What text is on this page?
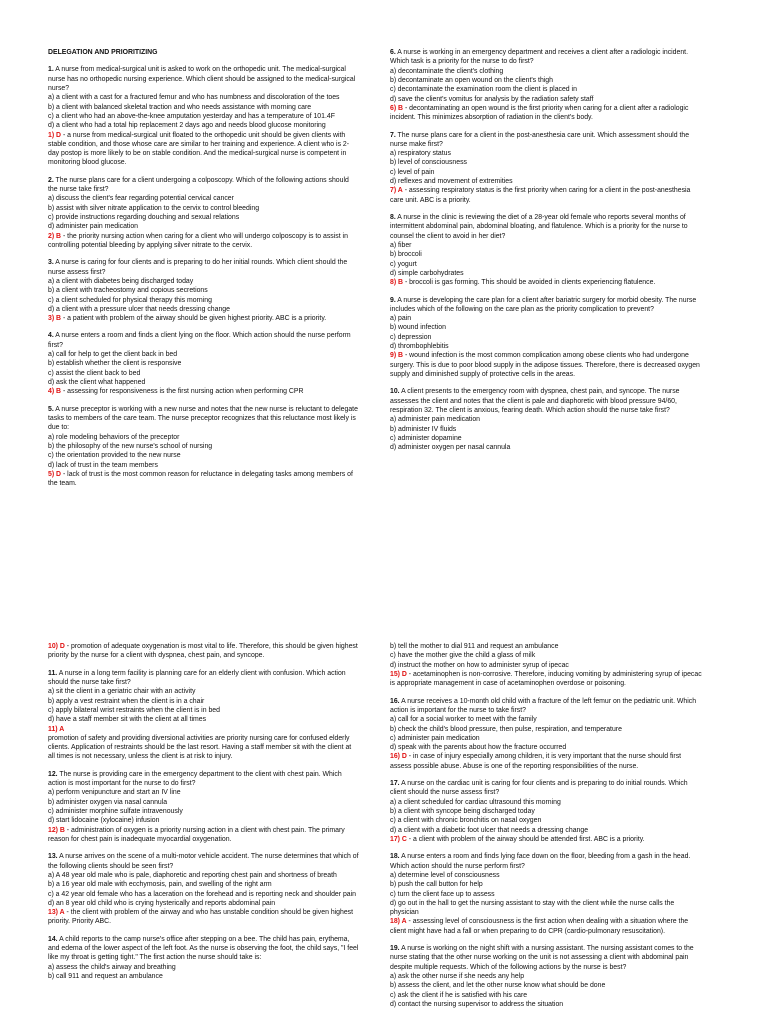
DELEGATION AND PRIORITIZING

1. A nurse from medical-surgical unit is asked to work on the orthopedic unit. The medical-surgical nurse has no orthopedic nursing experience. Which client should be assigned to the medical-surgical nurse?

a) a client with a cast for a fractured femur and who has numbness and discoloration of the toes

b) a client with balanced skeletal traction and who needs assistance with morning care

c) a client who had an above-the-knee amputation yesterday and has a temperature of 101.4F

d) a client who had a total hip replacement 2 days ago and needs blood glucose monitoring

1) D - a nurse from medical-surgical unit floated to the orthopedic unit should be given clients with stable condition, and those whose care are similar to her training and experience. A client who is 2-day postop is more likely to be on stable condition. And the medical-surgical nurse is competent in monitoring blood glucose.

2. The nurse plans care for a client undergoing a colposcopy. Which of the following actions should the nurse take first?

a) discuss the client's fear regarding potential cervical cancer

b) assist with silver nitrate application to the cervix to control bleeding

c) provide instructions regarding douching and sexual relations

d) administer pain medication

2) B - the priority nursing action when caring for a client who will undergo colposcopy is to assist in controlling potential bleeding by applying silver nitrate to the cervix.

3. A nurse is caring for four clients and is preparing to do her initial rounds. Which client should the nurse assess first?

a) a client with diabetes being discharged today

b) a client with tracheostomy and copious secretions

c) a client scheduled for physical therapy this morning

d) a client with a pressure ulcer that needs dressing change

3) B - a patient with problem of the airway should be given highest priority. ABC is a priority.

4. A nurse enters a room and finds a client lying on the floor. Which action should the nurse perform first?

a) call for help to get the client back in bed

b) establish whether the client is responsive

c) assist the client back to bed

d) ask the client what happened

4) B - assessing for responsiveness is the first nursing action when performing CPR

5. A nurse preceptor is working with a new nurse and notes that the new nurse is reluctant to delegate tasks to members of the care team. The nurse preceptor recognizes that this reluctance most likely is due to:

a) role modeling behaviors of the preceptor

b) the philosophy of the new nurse's school of nursing

c) the orientation provided to the new nurse

d) lack of trust in the team members

5) D - lack of trust is the most common reason for reluctance in delegating tasks among members of the team.

6. A nurse is working in an emergency department and receives a client after a radiologic incident. Which task is a priority for the nurse to do first?

a) decontaminate the client's clothing

b) decontaminate an open wound on the client's thigh

c) decontaminate the examination room the client is placed in

d) save the client's vomitus for analysis by the radiation safety staff

6) B - decontaminating an open wound is the first priority when caring for a client after a radiologic incident. This minimizes absorption of radiation in the client's body.

7. The nurse plans care for a client in the post-anesthesia care unit. Which assessment should the nurse make first?

a) respiratory status

b) level of consciousness

c) level of pain

d) reflexes and movement of extremities

7) A - assessing respiratory status is the first priority when caring for a client in the post-anesthesia care unit. ABC is a priority.

8. A nurse in the clinic is reviewing the diet of a 28-year old female who reports several months of intermittent abdominal pain, abdominal bloating, and flatulence. Which is a priority for the nurse to counsel the client to avoid in her diet?

a) fiber

b) broccoli

c) yogurt

d) simple carbohydrates

8) B - broccoli is gas forming. This should be avoided in clients experiencing flatulence.

9. A nurse is developing the care plan for a client after bariatric surgery for morbid obesity. The nurse includes which of the following on the care plan as the priority complication to prevent?

a) pain

b) wound infection

c) depression

d) thrombophlebitis

9) B - wound infection is the most common complication among obese clients who had undergone surgery. This is due to poor blood supply in the adipose tissues. Therefore, there is decreased oxygen supply and diminished supply of protective cells in the areas.

10. A client presents to the emergency room with dyspnea, chest pain, and syncope. The nurse assesses the client and notes that the client is pale and diaphoretic with blood pressure 94/60, respiration 32. The client is anxious, fearing death. Which action should the nurse take first?

a) administer pain medication

b) administer IV fluids

c) administer dopamine

d) administer oxygen per nasal cannula

10) D - promotion of adequate oxygenation is most vital to life. Therefore, this should be given highest priority by the nurse for a client with dyspnea, chest pain, and syncope.

11. A nurse in a long term facility is planning care for an elderly client with confusion. Which action should the nurse take first?

a) sit the client in a geriatric chair with an activity

b) apply a vest restraint when the client is in a chair

c) apply bilateral wrist restraints when the client is in bed

d) have a staff member sit with the client at all times

11) A

promotion of safety and providing diversional activities are priority nursing care for confused elderly clients. Application of restraints should be the last resort. Having a staff member sit with the client at all times is not necessary, unless the client is at risk to injury.

12. The nurse is providing care in the emergency department to the client with chest pain. Which action is most important for the nurse to do first?

a) perform venipuncture and start an IV line

b) administer oxygen via nasal cannula

c) administer morphine sulfate intravenously

d) start lidocaine (xylocaine) infusion

12) B - administration of oxygen is a priority nursing action in a client with chest pain. The primary reason for chest pain is inadequate myocardial oxygenation.

13. A nurse arrives on the scene of a multi-motor vehicle accident. The nurse determines that which of the following clients should be seen first?

a) A 48 year old male who is pale, diaphoretic and reporting chest pain and shortness of breath

b) a 16 year old male with ecchymosis, pain, and swelling of the right arm

c) a 42 year old female who has a laceration on the forehead and is reporting neck and shoulder pain

d) an 8 year old child who is crying hysterically and reports abdominal pain

13) A - the client with problem of the airway and who has unstable condition should be given highest priority. Priority ABC.

14. A child reports to the camp nurse's office after stepping on a bee. The child has pain, erythema, and edema of the lower aspect of the left foot. As the nurse is observing the foot, the child says, "I feel like my throat is getting tight." The first action the nurse should take is:

a) assess the child's airway and breathing

b) call 911 and request an ambulance

b) tell the mother to dial 911 and request an ambulance

c) have the mother give the child a glass of milk

d) instruct the mother on how to administer syrup of ipecac

15) D - acetaminophen is non-corrosive. Therefore, inducing vomiting by administering syrup of ipecac is appropriate management in case of acetaminophen overdose or poisoning.

16. A nurse receives a 10-month old child with a fracture of the left femur on the pediatric unit. Which action is important for the nurse to take first?

a) call for a social worker to meet with the family

b) check the child's blood pressure, then pulse, respiration, and temperature

c) administer pain medication

d) speak with the parents about how the fracture occurred

16) D - in case of injury especially among children, it is very important that the nurse should first assess possible abuse. Abuse is one of the reporting responsibilities of the nurse.

17. A nurse on the cardiac unit is caring for four clients and is preparing to do initial rounds. Which client should the nurse assess first?

a) a client scheduled for cardiac ultrasound this morning

b) a client with syncope being discharged today

c) a client with chronic bronchitis on nasal oxygen

d) a client with a diabetic foot ulcer that needs a dressing change

17) C - a client with problem of the airway should be attended first. ABC is a priority.

18. A nurse enters a room and finds lying face down on the floor, bleeding from a gash in the head. Which action should the nurse perform first?

a) determine level of consciousness

b) push the call button for help

c) turn the client face up to assess

d) go out in the hall to get the nursing assistant to stay with the client while the nurse calls the physician

18) A - assessing level of consciousness is the first action when dealing with a situation where the client might have had a fall or when preparing to do CPR (cardio-pulmonary resuscitation).

19. A nurse is working on the night shift with a nursing assistant. The nursing assistant comes to the nurse stating that the other nurse working on the unit is not assessing a client with abdominal pain despite multiple requests. Which of the following actions by the nurse is best?

a) ask the other nurse if she needs any help

b) assess the client, and let the other nurse know what should be done

c) ask the client if he is satisfied with his care

d) contact the nursing supervisor to address the situation
